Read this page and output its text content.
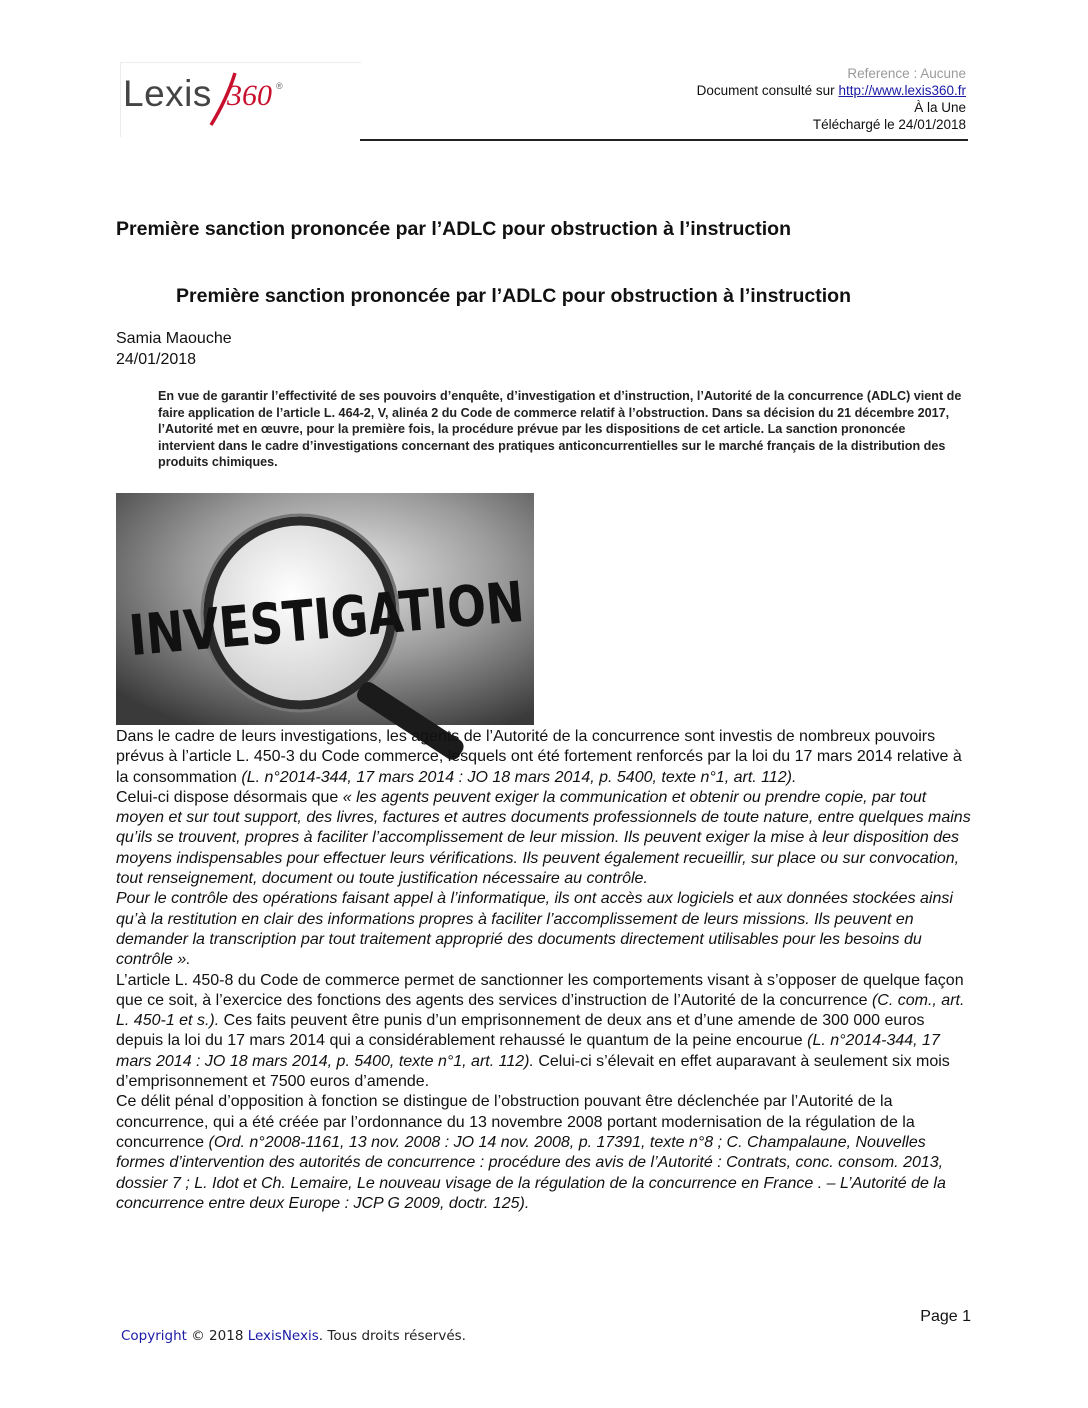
Lexis 360 ®
Reference : Aucune
Document consulté sur http://www.lexis360.fr
À la Une
Téléchargé le 24/01/2018
Première sanction prononcée par l’ADLC pour obstruction à l’instruction
Première sanction prononcée par l’ADLC pour obstruction à l’instruction
Samia Maouche
24/01/2018
En vue de garantir l’effectivité de ses pouvoirs d’enquête, d’investigation et d’instruction, l’Autorité de la concurrence (ADLC) vient de faire application de l’article L. 464-2, V, alinéa 2 du Code de commerce relatif à l’obstruction. Dans sa décision du 21 décembre 2017, l’Autorité met en œuvre, pour la première fois, la procédure prévue par les dispositions de cet article. La sanction prononcée intervient dans le cadre d’investigations concernant des pratiques anticoncurrentielles sur le marché français de la distribution des produits chimiques.
INVESTIGATION

Dans le cadre de leurs investigations, les agents de l’Autorité de la concurrence sont investis de nombreux pouvoirs prévus à l’article L. 450-3 du Code commerce, lesquels ont été fortement renforcés par la loi du 17 mars 2014 relative à la consommation (L. n°2014-344, 17 mars 2014 : JO 18 mars 2014, p. 5400, texte n°1, art. 112).

Celui-ci dispose désormais que « les agents peuvent exiger la communication et obtenir ou prendre copie, par tout moyen et sur tout support, des livres, factures et autres documents professionnels de toute nature, entre quelques mains qu’ils se trouvent, propres à faciliter l’accomplissement de leur mission. Ils peuvent exiger la mise à leur disposition des moyens indispensables pour effectuer leurs vérifications. Ils peuvent également recueillir, sur place ou sur convocation, tout renseignement, document ou toute justification nécessaire au contrôle.

Pour le contrôle des opérations faisant appel à l’informatique, ils ont accès aux logiciels et aux données stockées ainsi qu’à la restitution en clair des informations propres à faciliter l’accomplissement de leurs missions. Ils peuvent en demander la transcription par tout traitement approprié des documents directement utilisables pour les besoins du contrôle ».

L’article L. 450-8 du Code de commerce permet de sanctionner les comportements visant à s’opposer de quelque façon que ce soit, à l’exercice des fonctions des agents des services d’instruction de l’Autorité de la concurrence (C. com., art. L. 450-1 et s.). Ces faits peuvent être punis d’un emprisonnement de deux ans et d’une amende de 300 000 euros depuis la loi du 17 mars 2014 qui a considérablement rehaussé le quantum de la peine encourue (L. n°2014-344, 17 mars 2014 : JO 18 mars 2014, p. 5400, texte n°1, art. 112). Celui-ci s’élevait en effet auparavant à seulement six mois d’emprisonnement et 7500 euros d’amende.

Ce délit pénal d’opposition à fonction se distingue de l’obstruction pouvant être déclenchée par l’Autorité de la concurrence, qui a été créée par l’ordonnance du 13 novembre 2008 portant modernisation de la régulation de la concurrence (Ord. n°2008-1161, 13 nov. 2008 : JO 14 nov. 2008, p. 17391, texte n°8 ; C. Champalaune, Nouvelles formes d’intervention des autorités de concurrence : procédure des avis de l’Autorité : Contrats, conc. consom. 2013, dossier 7 ; L. Idot et Ch. Lemaire, Le nouveau visage de la régulation de la concurrence en France . – L’Autorité de la concurrence entre deux Europe : JCP G 2009, doctr. 125).

Page 1
Copyright © 2018 LexisNexis. Tous droits réservés.
